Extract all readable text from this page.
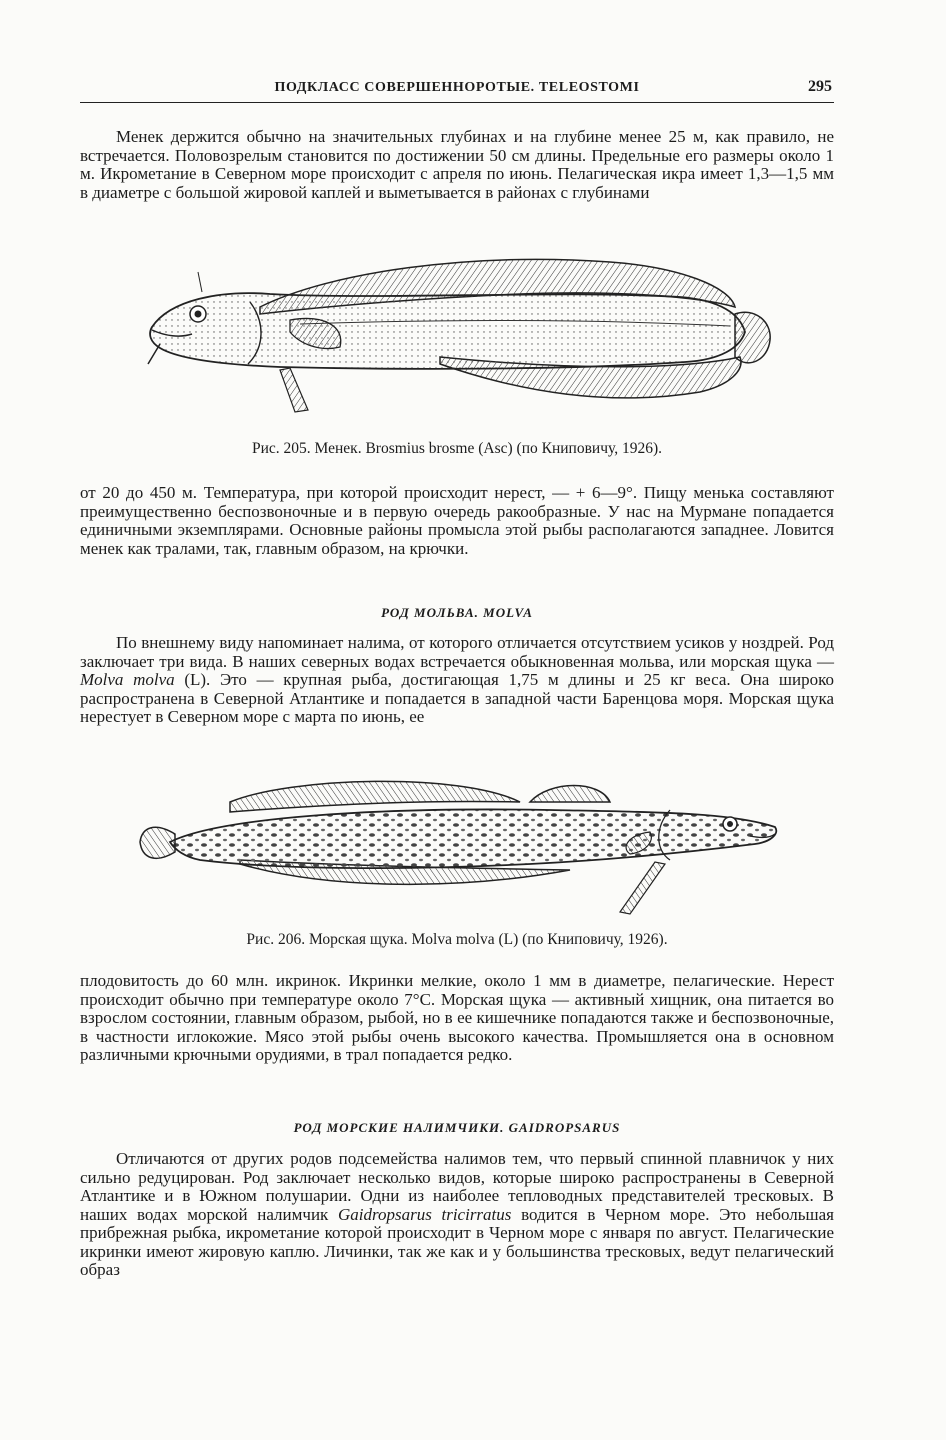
ПОДКЛАСС СОВЕРШЕННОРОТЫЕ. TELEOSTOMI	295

Менек держится обычно на значительных глубинах и на глубине менее 25 м, как правило, не встречается. Половозрелым становится по достижении 50 см длины. Предельные его размеры около 1 м. Икрометание в Северном море происходит с апреля по июнь. Пелагическая икра имеет 1,3—1,5 мм в диаметре с большой жировой каплей и выметывается в районах с глубинами

Рис. 205. Менек. Brosmius brosme (Asc) (по Книповичу, 1926).

от 20 до 450 м. Температура, при которой происходит нерест, — + 6—9°. Пищу менька составляют преимущественно беспозвоночные и в первую очередь ракообразные. У нас на Мурмане попадается единичными экземплярами. Основные районы промысла этой рыбы располагаются западнее. Ловится менек как тралами, так, главным образом, на крючки.

РОД МОЛЬВА. MOLVA

По внешнему виду напоминает налима, от которого отличается отсутствием усиков у ноздрей. Род заключает три вида. В наших северных водах встречается обыкновенная мольва, или морская щука — Molva molva (L). Это — крупная рыба, достигающая 1,75 м длины и 25 кг веса. Она широко распространена в Северной Атлантике и попадается в западной части Баренцова моря. Морская щука нерестует в Северном море с марта по июнь, ее

Рис. 206. Морская щука. Molva molva (L) (по Книповичу, 1926).

плодовитость до 60 млн. икринок. Икринки мелкие, около 1 мм в диаметре, пелагические. Нерест происходит обычно при температуре около 7°С. Морская щука — активный хищник, она питается во взрослом состоянии, главным образом, рыбой, но в ее кишечнике попадаются также и беспозвоночные, в частности иглокожие. Мясо этой рыбы очень высокого качества. Промышляется она в основном различными крючными орудиями, в трал попадается редко.

РОД МОРСКИЕ НАЛИМЧИКИ. GAIDROPSARUS

Отличаются от других родов подсемейства налимов тем, что первый спинной плавничок у них сильно редуцирован. Род заключает несколько видов, которые широко распространены в Северной Атлантике и в Южном полушарии. Одни из наиболее тепловодных представителей тресковых. В наших водах морской налимчик Gaidropsarus tricirratus водится в Черном море. Это небольшая прибрежная рыбка, икрометание которой происходит в Черном море с января по август. Пелагические икринки имеют жировую каплю. Личинки, так же как и у большинства тресковых, ведут пелагический образ
